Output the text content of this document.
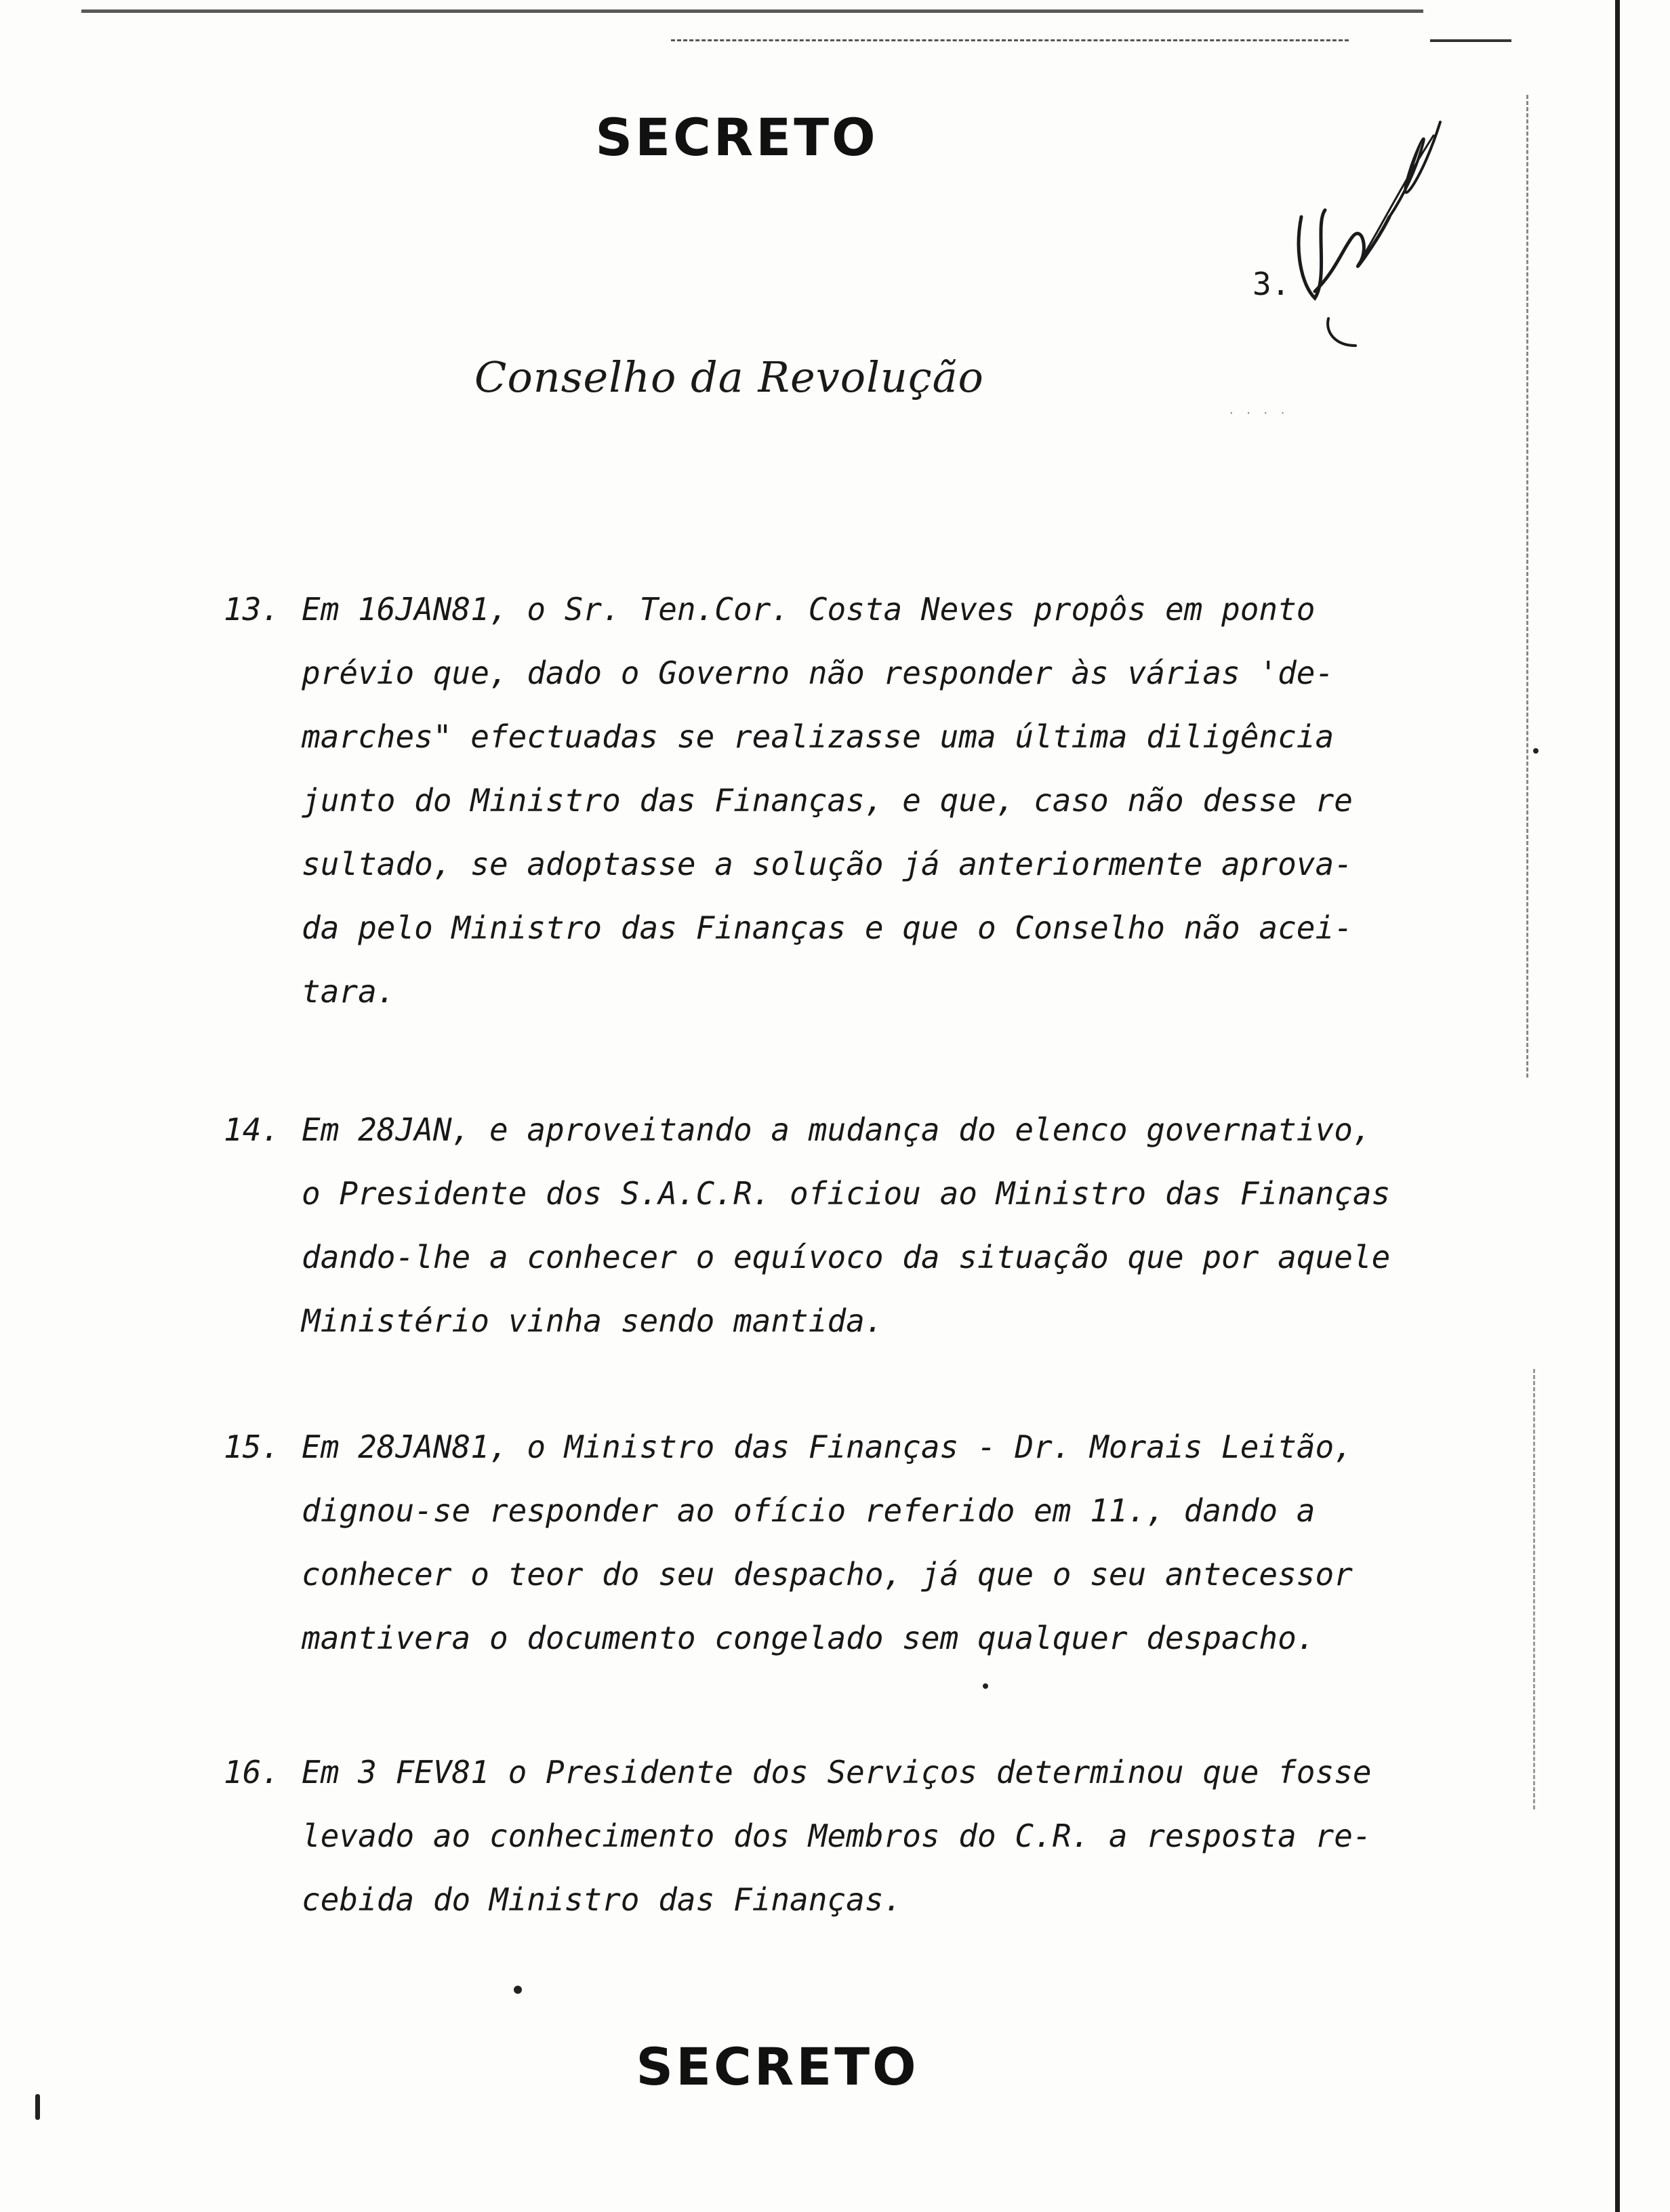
SECRETO
3.
Conselho da Revolução
· · · ·
13. Em 16JAN81, o Sr. Ten.Cor. Costa Neves propôs em ponto
prévio que, dado o Governo não responder às várias 'de-
marches" efectuadas se realizasse uma última diligência
junto do Ministro das Finanças, e que, caso não desse re
sultado, se adoptasse a solução já anteriormente aprova-
da pelo Ministro das Finanças e que o Conselho não acei-
tara.
14. Em 28JAN, e aproveitando a mudança do elenco governativo,
o Presidente dos S.A.C.R. oficiou ao Ministro das Finanças
dando-lhe a conhecer o equívoco da situação que por aquele
Ministério vinha sendo mantida.
15. Em 28JAN81, o Ministro das Finanças - Dr. Morais Leitão,
dignou-se responder ao ofício referido em 11., dando a
conhecer o teor do seu despacho, já que o seu antecessor
mantivera o documento congelado sem qualquer despacho.
16. Em 3 FEV81 o Presidente dos Serviços determinou que fosse
levado ao conhecimento dos Membros do C.R. a resposta re-
cebida do Ministro das Finanças.
SECRETO
